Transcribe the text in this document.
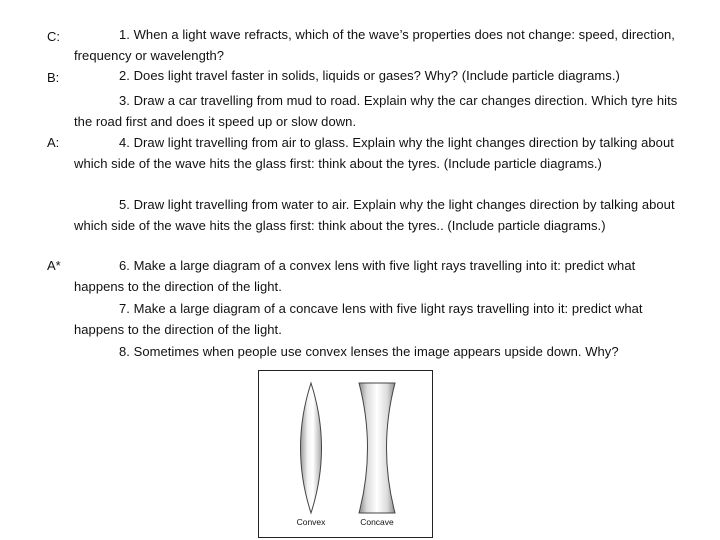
C:
B:
A:
A*
1. When a light wave refracts, which of the wave’s properties does not change: speed, direction, frequency or wavelength?
2. Does light travel faster in solids, liquids or gases? Why? (Include particle diagrams.)
3. Draw a car travelling from mud to road. Explain why the car changes direction. Which tyre hits the road first and does it speed up or slow down.
4. Draw light travelling from air to glass. Explain why the light changes direction by talking about which side of the wave hits the glass first: think about the tyres. (Include particle diagrams.)
5. Draw light travelling from water to air. Explain why the light changes direction by talking about which side of the wave hits the glass first: think about the tyres.. (Include particle diagrams.)
6. Make a large diagram of a convex lens with five light rays travelling into it: predict what happens to the direction of the light.
7. Make a large diagram of a concave lens with five light rays travelling into it: predict what happens to the direction of the light.
8. Sometimes when people use convex lenses the image appears upside down. Why?
Convex	Concave
